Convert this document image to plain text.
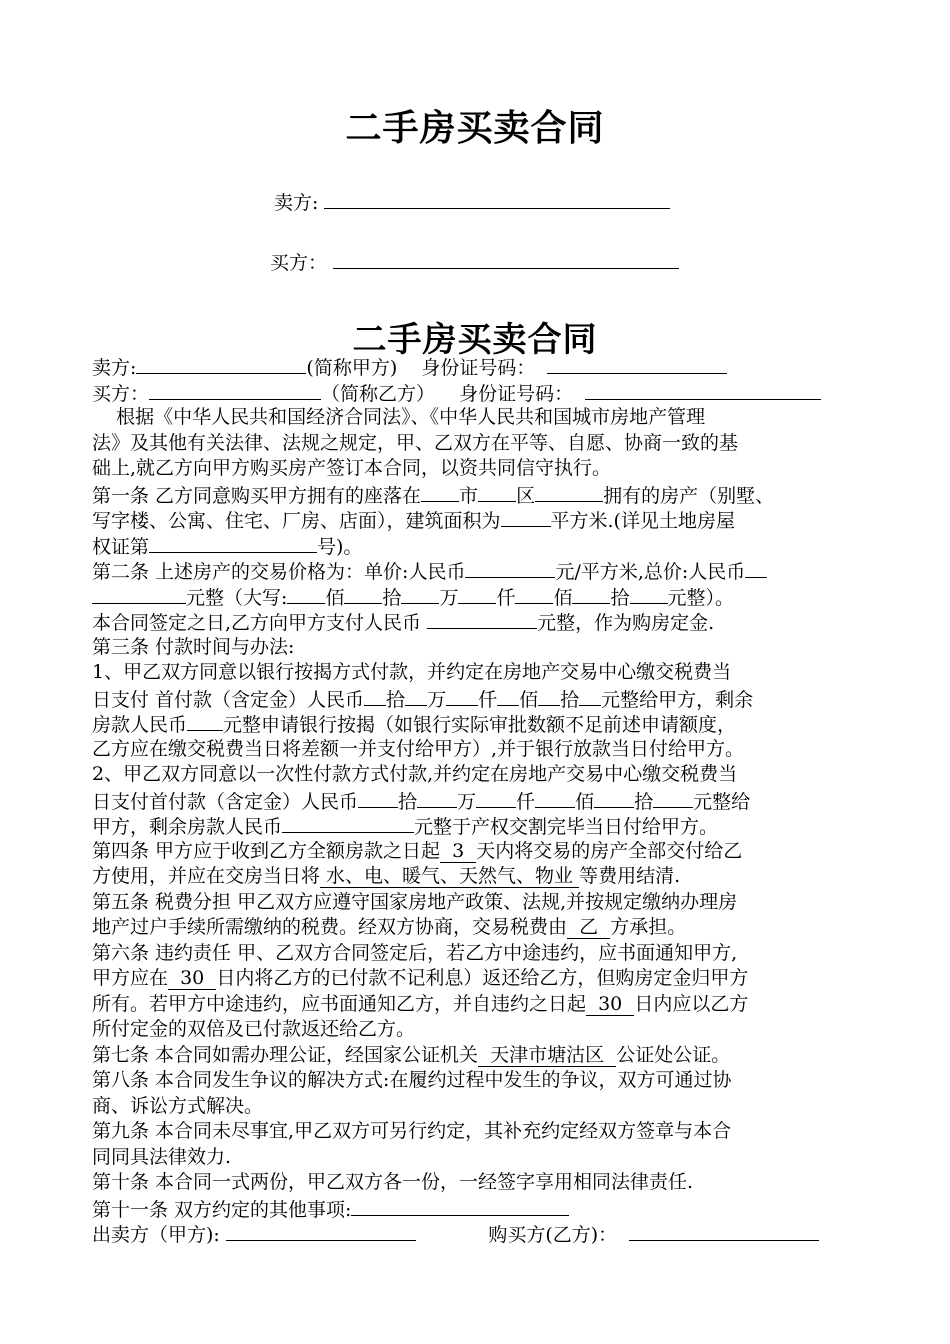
二手房买卖合同
卖方:
买方：
二手房买卖合同
卖方:	(简称甲方)    身份证号码：
买方：	（简称乙方）    身份证号码：
根据《中华人民共和国经济合同法》、《中华人民共和国城市房地产管理
法》及其他有关法律、法规之规定，甲、乙双方在平等、自愿、协商一致的基
础上,就乙方向甲方购买房产签订本合同，以资共同信守执行。
第一条 乙方同意购买甲方拥有的座落在 市 区	拥有的房产（别墅、
写字楼、公寓、住宅、厂房、店面），建筑面积为	平方米.(详见土地房屋
权证第	号)。
第二条 上述房产的交易价格为：单价:人民币	元/平方米,总价:人民币
元整（大写: 佰 拾 万 仟 佰 拾 元整）。
本合同签定之日,乙方向甲方支付人民币	元整，作为购房定金.
第三条 付款时间与办法:
1、甲乙双方同意以银行按揭方式付款，并约定在房地产交易中心缴交税费当
日支付 首付款（含定金）人民币 拾 万 仟 佰 拾 元整给甲方，剩余
房款人民币 元整申请银行按揭（如银行实际审批数额不足前述申请额度，
乙方应在缴交税费当日将差额一并支付给甲方）,并于银行放款当日付给甲方。
2、甲乙双方同意以一次性付款方式付款,并约定在房地产交易中心缴交税费当
日支付首付款（含定金）人民币 拾 万 仟 佰 拾 元整给
甲方，剩余房款人民币	元整于产权交割完毕当日付给甲方。
第四条 甲方应于收到乙方全额房款之日起  3  天内将交易的房产全部交付给乙
方使用，并应在交房当日将 水、电、暖气、天然气、物业 等费用结清.
第五条 税费分担 甲乙双方应遵守国家房地产政策、法规,并按规定缴纳办理房
地产过户手续所需缴纳的税费。经双方协商，交易税费由  乙  方承担。
第六条 违约责任 甲、乙双方合同签定后，若乙方中途违约，应书面通知甲方,
甲方应在  30  日内将乙方的已付款不记利息）返还给乙方，但购房定金归甲方
所有。若甲方中途违约，应书面通知乙方，并自违约之日起  30  日内应以乙方
所付定金的双倍及已付款返还给乙方。
第七条 本合同如需办理公证，经国家公证机关  天津市塘沽区  公证处公证。
第八条 本合同发生争议的解决方式:在履约过程中发生的争议，双方可通过协
商、诉讼方式解决。
第九条 本合同未尽事宜,甲乙双方可另行约定，其补充约定经双方签章与本合
同同具法律效力.
第十条 本合同一式两份，甲乙双方各一份，一经签字享用相同法律责任.
第十一条 双方约定的其他事项:
出卖方（甲方):	购买方(乙方)：
